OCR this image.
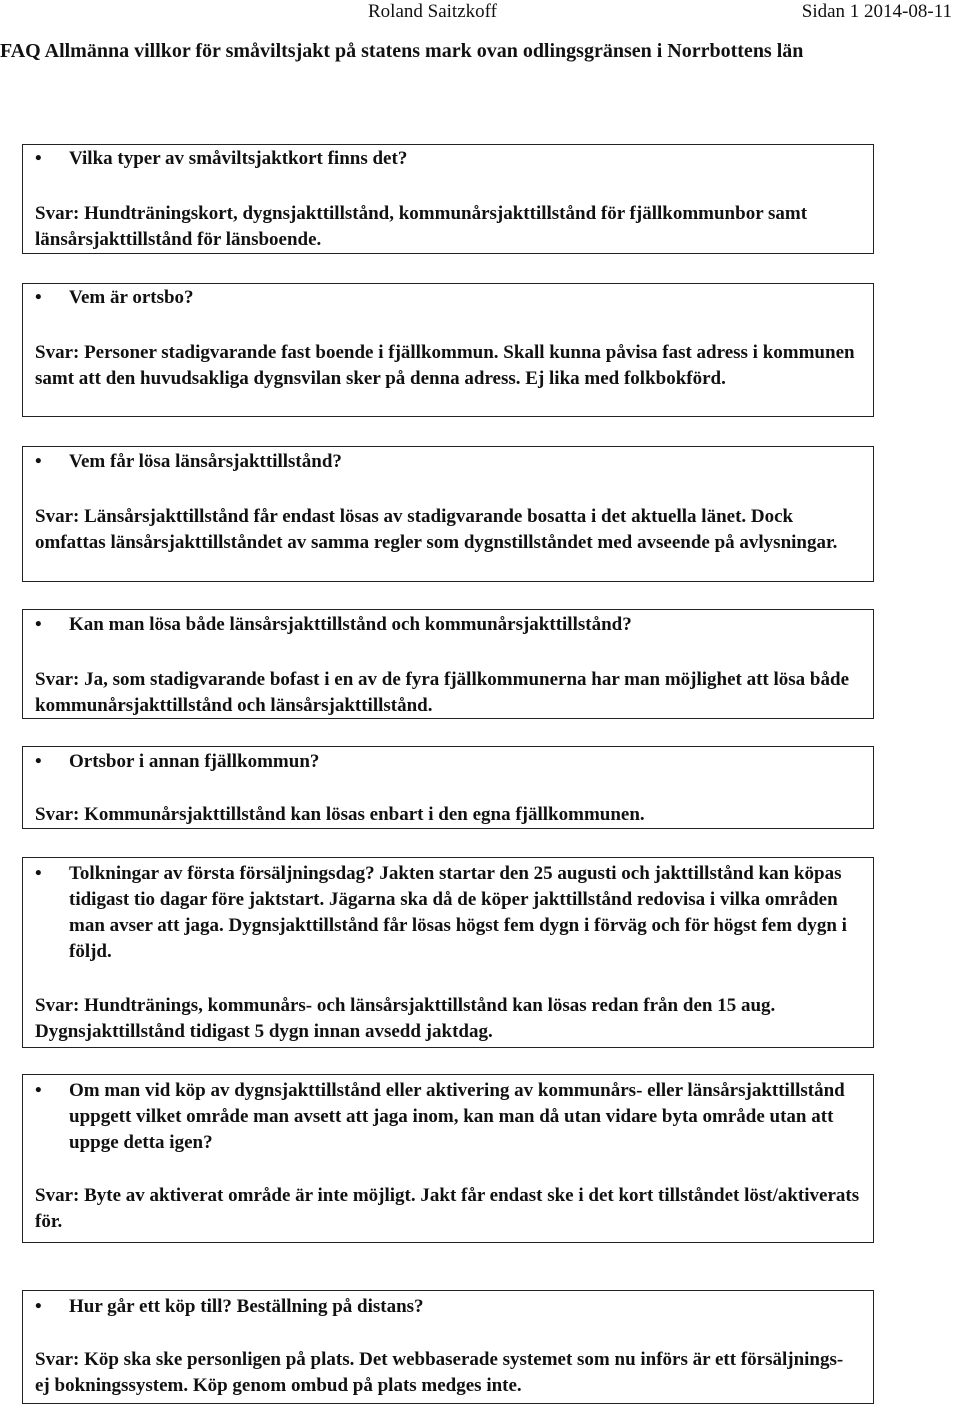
Roland Saitzkoff	Sidan 1 2014-08-11
FAQ Allmänna villkor för småviltsjakt på statens mark ovan odlingsgränsen i Norrbottens län
•	Vilka typer av småviltsjaktkort finns det?
Svar: Hundträningskort, dygnsjakttillstånd, kommunårsjakttillstånd för fjällkommunbor samt länsårsjakttillstånd för länsboende.
•	Vem är ortsbo?
Svar: Personer stadigvarande fast boende i fjällkommun. Skall kunna påvisa fast adress i kommunen samt att den huvudsakliga dygnsvilan sker på denna adress. Ej lika med folkbokförd.
•	Vem får lösa länsårsjakttillstånd?
Svar: Länsårsjakttillstånd får endast lösas av stadigvarande bosatta i det aktuella länet. Dock omfattas länsårsjakttillståndet av samma regler som dygnstillståndet med avseende på avlysningar.
•	Kan man lösa både länsårsjakttillstånd och kommunårsjakttillstånd?
Svar: Ja, som stadigvarande bofast i en av de fyra fjällkommunerna har man möjlighet att lösa både kommunårsjakttillstånd och länsårsjakttillstånd.
•	Ortsbor i annan fjällkommun?
Svar: Kommunårsjakttillstånd kan lösas enbart i den egna fjällkommunen.
•	Tolkningar av första försäljningsdag? Jakten startar den 25 augusti och jakttillstånd kan köpas tidigast tio dagar före jaktstart. Jägarna ska då de köper jakttillstånd redovisa i vilka områden man avser att jaga. Dygnsjakttillstånd får lösas högst fem dygn i förväg och för högst fem dygn i följd.
Svar: Hundtränings, kommunårs- och länsårsjakttillstånd kan lösas redan från den 15 aug. Dygnsjakttillstånd tidigast 5 dygn innan avsedd jaktdag.
•	Om man vid köp av dygnsjakttillstånd eller aktivering av kommunårs- eller länsårsjakttillstånd uppgett vilket område man avsett att jaga inom, kan man då utan vidare byta område utan att uppge detta igen?
Svar: Byte av aktiverat område är inte möjligt. Jakt får endast ske i det kort tillståndet löst/aktiverats för.
•	Hur går ett köp till? Beställning på distans?
Svar: Köp ska ske personligen på plats. Det webbaserade systemet som nu införs är ett försäljnings- ej bokningssystem. Köp genom ombud på plats medges inte.
